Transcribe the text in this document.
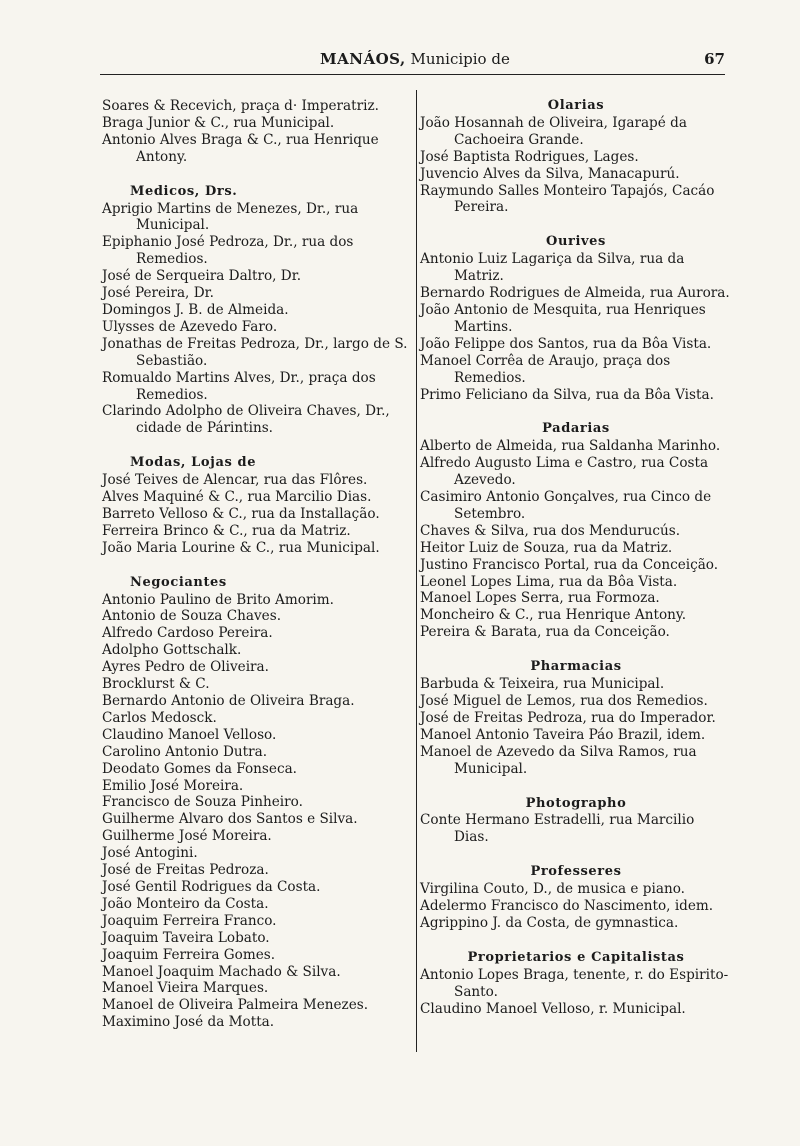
MANÁOS, Municipio de	67
Soares & Recevich, praça d· Imperatriz.
Braga Junior & C., rua Municipal.
Antonio Alves Braga & C., rua Henrique Antony.
Medicos, Drs.
Aprigio Martins de Menezes, Dr., rua Municipal.
Epiphanio José Pedroza, Dr., rua dos Remedios.
José de Serqueira Daltro, Dr.
José Pereira, Dr.
Domingos J. B. de Almeida.
Ulysses de Azevedo Faro.
Jonathas de Freitas Pedroza, Dr., largo de S. Sebastião.
Romualdo Martins Alves, Dr., praça dos Remedios.
Clarindo Adolpho de Oliveira Chaves, Dr., cidade de Párintins.
Modas, Lojas de
José Teives de Alencar, rua das Flôres.
Alves Maquiné & C., rua Marcilio Dias.
Barreto Velloso & C., rua da Installação.
Ferreira Brinco & C., rua da Matriz.
João Maria Lourine & C., rua Municipal.
Negociantes
Antonio Paulino de Brito Amorim.
Antonio de Souza Chaves.
Alfredo Cardoso Pereira.
Adolpho Gottschalk.
Ayres Pedro de Oliveira.
Brocklurst & C.
Bernardo Antonio de Oliveira Braga.
Carlos Medosck.
Claudino Manoel Velloso.
Carolino Antonio Dutra.
Deodato Gomes da Fonseca.
Emilio José Moreira.
Francisco de Souza Pinheiro.
Guilherme Alvaro dos Santos e Silva.
Guilherme José Moreira.
José Antogini.
José de Freitas Pedroza.
José Gentil Rodrigues da Costa.
João Monteiro da Costa.
Joaquim Ferreira Franco.
Joaquim Taveira Lobato.
Joaquim Ferreira Gomes.
Manoel Joaquim Machado & Silva.
Manoel Vieira Marques.
Manoel de Oliveira Palmeira Menezes.
Maximino José da Motta.
Olarias
João Hosannah de Oliveira, Igarapé da Cachoeira Grande.
José Baptista Rodrigues, Lages.
Juvencio Alves da Silva, Manacapurú.
Raymundo Salles Monteiro Tapajós, Cacáo Pereira.
Ourives
Antonio Luiz Lagariça da Silva, rua da Matriz.
Bernardo Rodrigues de Almeida, rua Aurora.
João Antonio de Mesquita, rua Henriques Martins.
João Felippe dos Santos, rua da Bôa Vista.
Manoel Corrêa de Araujo, praça dos Remedios.
Primo Feliciano da Silva, rua da Bôa Vista.
Padarias
Alberto de Almeida, rua Saldanha Marinho.
Alfredo Augusto Lima e Castro, rua Costa Azevedo.
Casimiro Antonio Gonçalves, rua Cinco de Setembro.
Chaves & Silva, rua dos Mendurucús.
Heitor Luiz de Souza, rua da Matriz.
Justino Francisco Portal, rua da Conceição.
Leonel Lopes Lima, rua da Bôa Vista.
Manoel Lopes Serra, rua Formoza.
Moncheiro & C., rua Henrique Antony.
Pereira & Barata, rua da Conceição.
Pharmacias
Barbuda & Teixeira, rua Municipal.
José Miguel de Lemos, rua dos Remedios.
José de Freitas Pedroza, rua do Imperador.
Manoel Antonio Taveira Páo Brazil, idem.
Manoel de Azevedo da Silva Ramos, rua Municipal.
Photographo
Conte Hermano Estradelli, rua Marcilio Dias.
Professeres
Virgilina Couto, D., de musica e piano.
Adelermo Francisco do Nascimento, idem.
Agrippino J. da Costa, de gymnastica.
Proprietarios e Capitalistas
Antonio Lopes Braga, tenente, r. do Espirito-Santo.
Claudino Manoel Velloso, r. Municipal.
